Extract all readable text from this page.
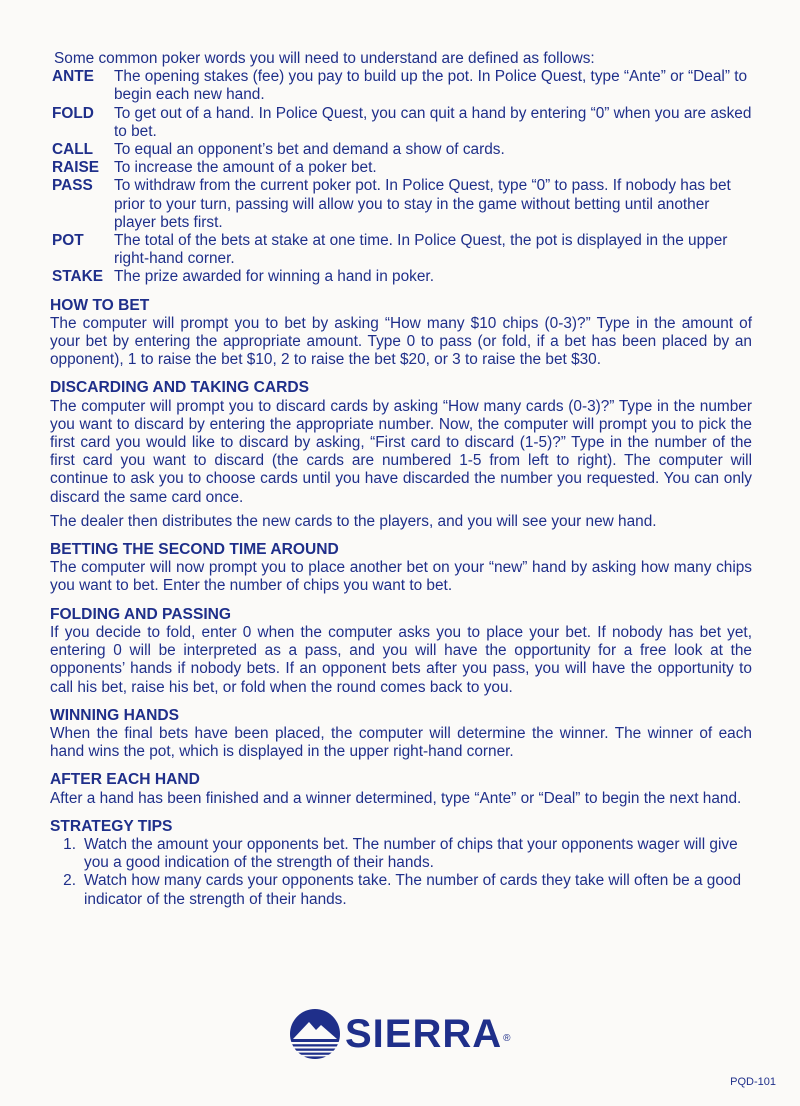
Some common poker words you will need to understand are defined as follows:

ANTE	The opening stakes (fee) you pay to build up the pot. In Police Quest, type “Ante” or “Deal” to begin each new hand.
FOLD	To get out of a hand. In Police Quest, you can quit a hand by entering “0” when you are asked to bet.
CALL	To equal an opponent’s bet and demand a show of cards.
RAISE To increase the amount of a poker bet.
PASS	To withdraw from the current poker pot. In Police Quest, type “0” to pass. If nobody has bet prior to your turn, passing will allow you to stay in the game without betting until another player bets first.
POT	The total of the bets at stake at one time. In Police Quest, the pot is displayed in the upper right-hand corner.
STAKE The prize awarded for winning a hand in poker.
HOW TO BET

The computer will prompt you to bet by asking “How many $10 chips (0-3)?” Type in the amount of your bet by entering the appropriate amount. Type 0 to pass (or fold, if a bet has been placed by an opponent), 1 to raise the bet $10, 2 to raise the bet $20, or 3 to raise the bet $30.

DISCARDING AND TAKING CARDS

The computer will prompt you to discard cards by asking “How many cards (0-3)?” Type in the number you want to discard by entering the appropriate number. Now, the computer will prompt you to pick the first card you would like to discard by asking, “First card to discard (1-5)?” Type in the number of the first card you want to discard (the cards are numbered 1-5 from left to right). The computer will continue to ask you to choose cards until you have discarded the number you requested. You can only discard the same card once.

The dealer then distributes the new cards to the players, and you will see your new hand.

BETTING THE SECOND TIME AROUND

The computer will now prompt you to place another bet on your “new” hand by asking how many chips you want to bet. Enter the number of chips you want to bet.

FOLDING AND PASSING

If you decide to fold, enter 0 when the computer asks you to place your bet. If nobody has bet yet, entering 0 will be interpreted as a pass, and you will have the opportunity for a free look at the opponents’ hands if nobody bets. If an opponent bets after you pass, you will have the opportunity to call his bet, raise his bet, or fold when the round comes back to you.

WINNING HANDS

When the final bets have been placed, the computer will determine the winner. The winner of each hand wins the pot, which is displayed in the upper right-hand corner.

AFTER EACH HAND

After a hand has been finished and a winner determined, type “Ante” or “Deal” to begin the next hand.

STRATEGY TIPS
1. Watch the amount your opponents bet. The number of chips that your opponents wager will give you a good indication of the strength of their hands.
2. Watch how many cards your opponents take. The number of cards they take will often be a good indicator of the strength of their hands.
SIERRA ®
PQD-101
